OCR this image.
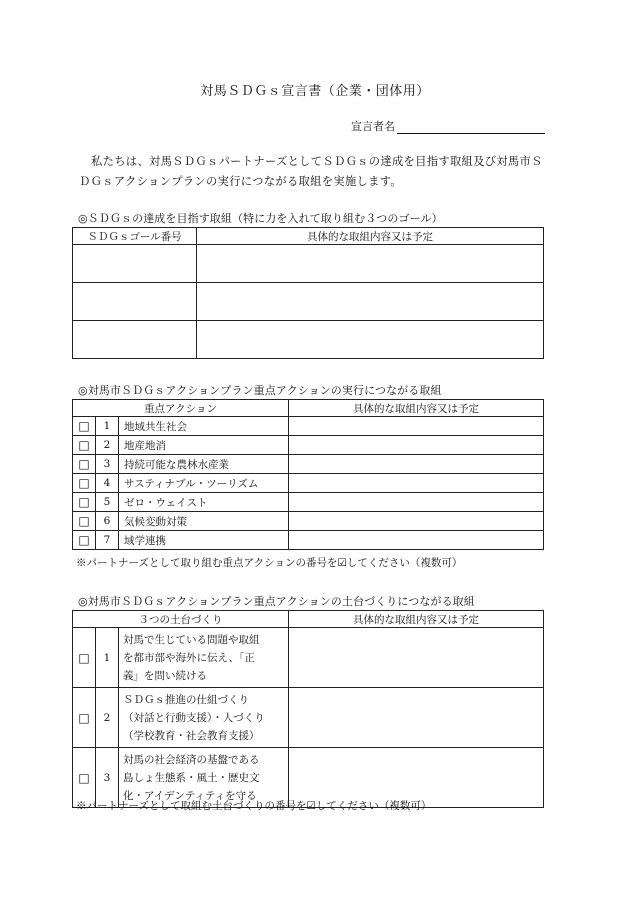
対馬ＳＤＧｓ宣言書（企業・団体用）
宣言者名
私たちは、対馬ＳＤＧｓパートナーズとしてＳＤＧｓの達成を目指す取組及び対馬市ＳＤＧｓアクションプランの実行につながる取組を実施します。
◎ＳＤＧｓの達成を目指す取組（特に力を入れて取り組む３つのゴール）
ＳＤＧｓゴール番号	具体的な取組内容又は予定

◎対馬市ＳＤＧｓアクションプラン重点アクションの実行につながる取組
重点アクション			具体的な取組内容又は予定
□	1	地域共生社会	
□	2	地産地消	
□	3	持続可能な農林水産業	
□	4	サスティナブル・ツーリズム	
□	5	ゼロ・ウェイスト	
□	6	気候変動対策	
□	7	域学連携	
※パートナーズとして取り組む重点アクションの番号を☑してください（複数可）
◎対馬市ＳＤＧｓアクションプラン重点アクションの土台づくりにつながる取組
３つの土台づくり			具体的な取組内容又は予定
□	1	対馬で生じている問題や取組
を都市部や海外に伝え、「正
義」を問い続ける	

□	2	ＳＤＧｓ推進の仕組づくり
（対話と行動支援）・人づくり
（学校教育・社会教育支援）	

□	3	対馬の社会経済の基盤である
島しょ生態系・風土・歴史文
化・アイデンティティを守る	

※パートナーズとして取組む土台づくりの番号を☑してください（複数可）
